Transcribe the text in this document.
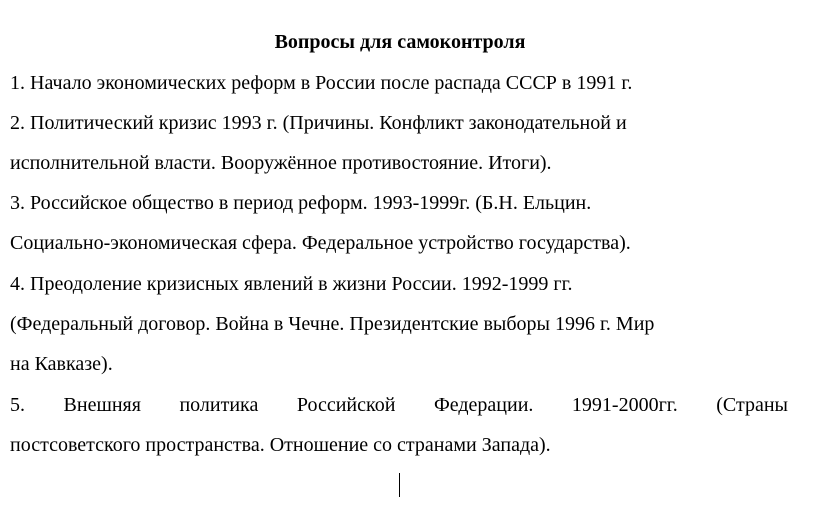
Вопросы для самоконтроля
1. Начало экономических реформ в России после распада СССР в 1991 г.
2. Политический кризис 1993 г. (Причины. Конфликт законодательной и
исполнительной власти. Вооружённое противостояние. Итоги).
3. Российское общество в период реформ. 1993-1999г. (Б.Н. Ельцин.
Социально-экономическая сфера. Федеральное устройство государства).
4. Преодоление кризисных явлений в жизни России. 1992-1999 гг.
(Федеральный договор. Война в Чечне. Президентские выборы 1996 г. Мир
на Кавказе).
5. Внешняя политика Российской Федерации. 1991-2000гг. (Страны
постсоветского пространства. Отношение со странами Запада).
